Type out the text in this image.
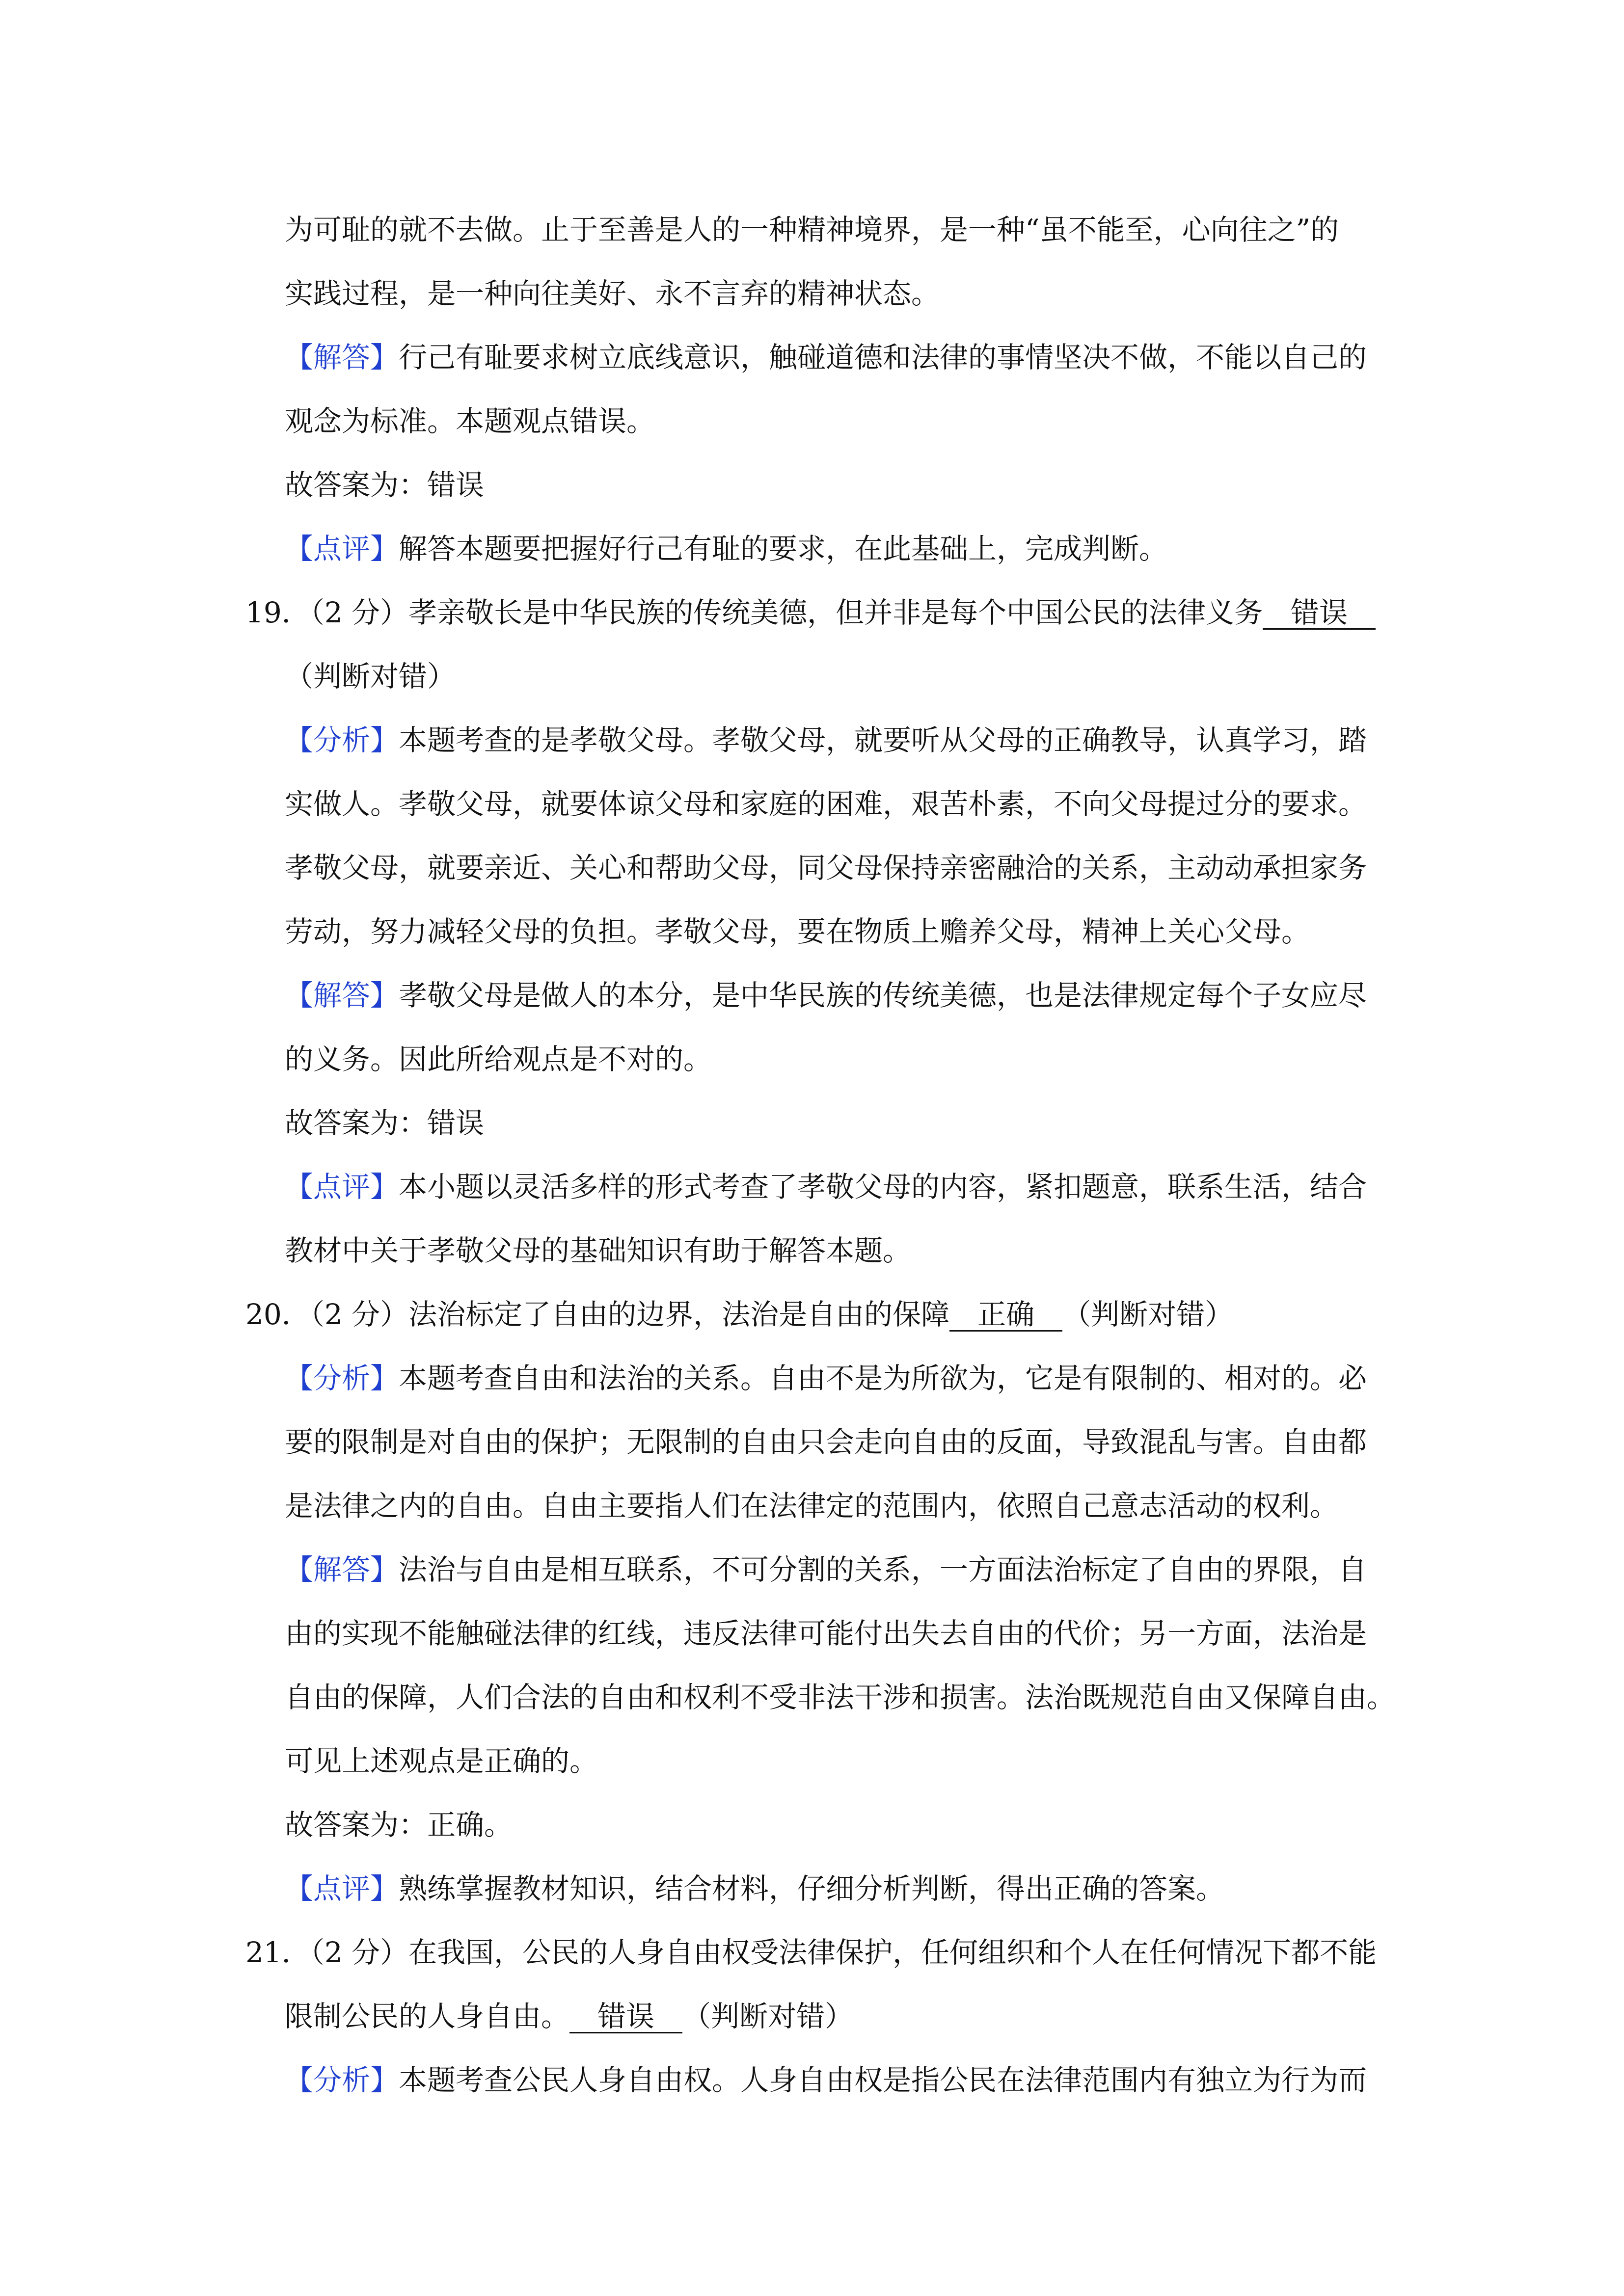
为可耻的就不去做。止于至善是人的一种精神境界，是一种“虽不能至，心向往之”的
实践过程，是一种向往美好、永不言弃的精神状态。
【解答】行己有耻要求树立底线意识，触碰道德和法律的事情坚决不做，不能以自己的
观念为标准。本题观点错误。
故答案为：错误
【点评】解答本题要把握好行己有耻的要求，在此基础上，完成判断。
19．（2 分）孝亲敬长是中华民族的传统美德，但并非是每个中国公民的法律义务 错误
（判断对错）
【分析】本题考查的是孝敬父母。孝敬父母，就要听从父母的正确教导，认真学习，踏
实做人。孝敬父母，就要体谅父母和家庭的困难，艰苦朴素，不向父母提过分的要求。
孝敬父母，就要亲近、关心和帮助父母，同父母保持亲密融洽的关系，主动动承担家务
劳动，努力减轻父母的负担。孝敬父母，要在物质上赡养父母，精神上关心父母。
【解答】孝敬父母是做人的本分，是中华民族的传统美德，也是法律规定每个子女应尽
的义务。因此所给观点是不对的。
故答案为：错误
【点评】本小题以灵活多样的形式考查了孝敬父母的内容，紧扣题意，联系生活，结合
教材中关于孝敬父母的基础知识有助于解答本题。
20．（2 分）法治标定了自由的边界，法治是自由的保障 正确 （判断对错）
【分析】本题考查自由和法治的关系。自由不是为所欲为，它是有限制的、相对的。必
要的限制是对自由的保护；无限制的自由只会走向自由的反面，导致混乱与害。自由都
是法律之内的自由。自由主要指人们在法律定的范围内，依照自己意志活动的权利。
【解答】法治与自由是相互联系，不可分割的关系，一方面法治标定了自由的界限，自
由的实现不能触碰法律的红线，违反法律可能付出失去自由的代价；另一方面，法治是
自由的保障，人们合法的自由和权利不受非法干涉和损害。法治既规范自由又保障自由。
可见上述观点是正确的。
故答案为：正确。
【点评】熟练掌握教材知识，结合材料，仔细分析判断，得出正确的答案。
21．（2 分）在我国，公民的人身自由权受法律保护，任何组织和个人在任何情况下都不能
限制公民的人身自由。 错误 （判断对错）
【分析】本题考查公民人身自由权。人身自由权是指公民在法律范围内有独立为行为而
